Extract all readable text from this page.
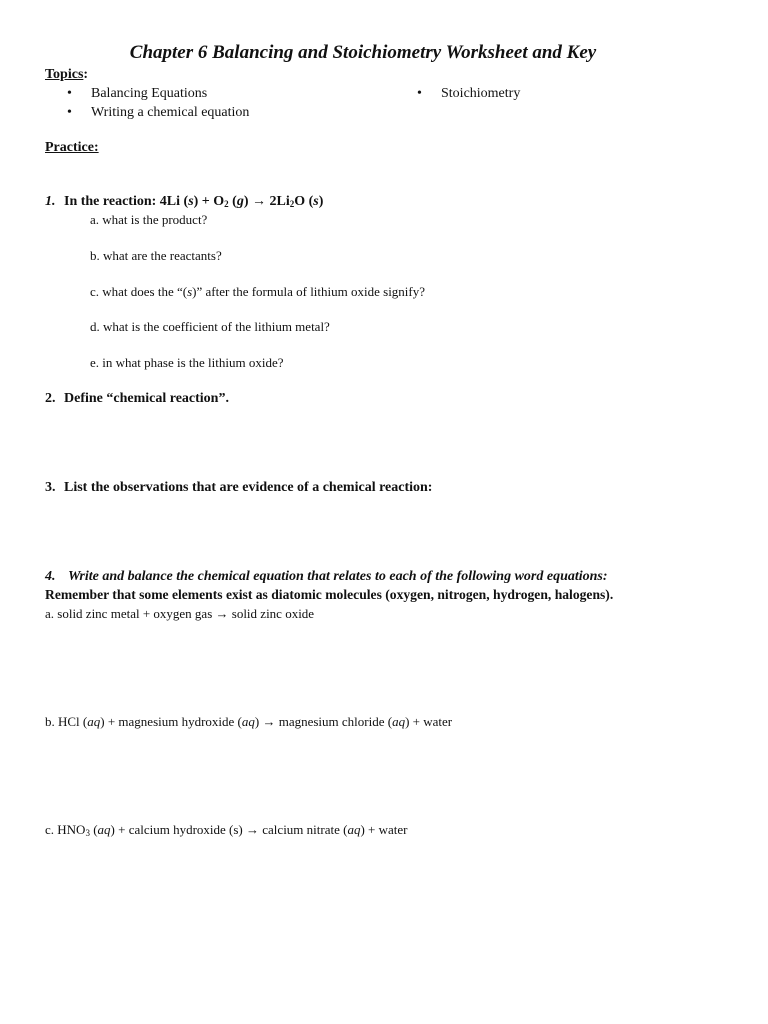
Chapter 6 Balancing and Stoichiometry Worksheet and Key
Topics:
• Balancing Equations
• Writing a chemical equation
• Stoichiometry
Practice:
1. In the reaction: 4Li $(s) + O_2$ $(g) \to 2Li_2O$ (s)
a. what is the product?
b. what are the reactants?
c. what does the “(s)” after the formula of lithium oxide signify?
d. what is the coefficient of the lithium metal?
e. in what phase is the lithium oxide?
2. Define “chemical reaction”.
3. List the observations that are evidence of a chemical reaction:
4. Write and balance the chemical equation that relates to each of the following word equations:
Remember that some elements exist as diatomic molecules (oxygen, nitrogen, hydrogen, halogens).
a. solid zinc metal + oxygen gas → solid zinc oxide
b. HCl (aq) + magnesium hydroxide (aq) → magnesium chloride (aq) + water
c. $HNO_3$ (aq) + calcium hydroxide (s) → calcium nitrate (aq) + water
